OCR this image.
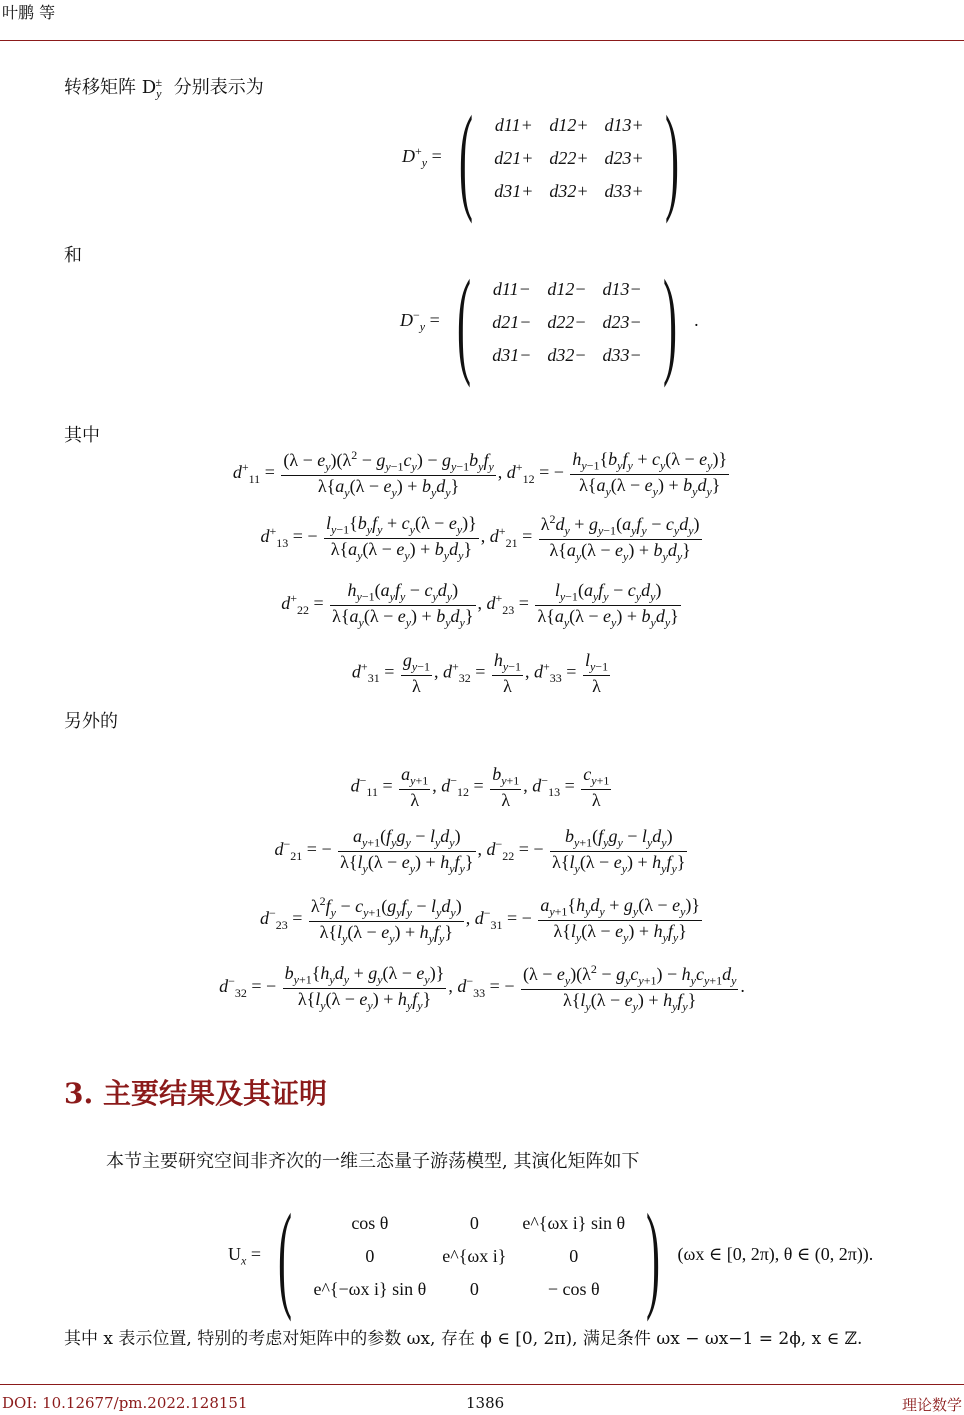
叶鹏 等
转移矩阵 $D_y^\pm$ 分别表示为
$D^+_y$ = ( d11+	d12+	d13+
d21+	d22+	d23+
d31+	d32+	d33+ )
和
$D^-_y$ = ( d11−	d12−	d13−
d21−	d22−	d23−
d31−	d32−	d33− ) .
其中
$d^+_{11} = \frac{(\lambda - e_y)(\lambda^2 - g_{y-1}c_y) - g_{y-1}b_yf_y}{\lambda\{a_y(\lambda - e_y) + b_yd_y\}}$ , $d^+_{12}$ = − $\frac{h_{y-1}\{b_yf_y + c_y(\lambda - e_y)\}}{\lambda\{a_y(\lambda - e_y) + b_yd_y\}}$
$d^+_{13}$ = − $\frac{l_{y-1}\{b_yf_y + c_y(\lambda - e_y)\}}{\lambda\{a_y(\lambda - e_y) + b_yd_y\}}$ , $d^+_{21} = \frac{\lambda^2d_y + g_{y-1}(a_yf_y - c_yd_y)}{\lambda\{a_y(\lambda - e_y) + b_yd_y\}}$
$d^+_{22} = \frac{h_{y-1}(a_yf_y - c_yd_y)}{\lambda\{a_y(\lambda - e_y) + b_yd_y\}}$ , $d^+_{23} = \frac{l_{y-1}(a_yf_y - c_yd_y)}{\lambda\{a_y(\lambda - e_y) + b_yd_y\}}$
$d^+_{31} = \frac{g_{y-1}}{\lambda}$ , $d^+_{32} = \frac{h_{y-1}}{\lambda}$ , $d^+_{33} = \frac{l_{y-1}}{\lambda}$
另外的
$d^-_{11} = \frac{a_{y+1}}{\lambda}$ , $d^-_{12} = \frac{b_{y+1}}{\lambda}$ , $d^-_{13} = \frac{c_{y+1}}{\lambda}$
$d^-_{21}$ = − $\frac{a_{y+1}(f_yg_y - l_yd_y)}{\lambda\{l_y(\lambda - e_y) + h_yf_y\}}$ , $d^-_{22}$ = − $\frac{b_{y+1}(f_yg_y - l_yd_y)}{\lambda\{l_y(\lambda - e_y) + h_yf_y\}}$
$d^-_{23} = \frac{\lambda^2f_y - c_{y+1}(g_yf_y - l_yd_y)}{\lambda\{l_y(\lambda - e_y) + h_yf_y\}}$ , $d^-_{31}$ = − $\frac{a_{y+1}\{h_yd_y + g_y(\lambda - e_y)\}}{\lambda\{l_y(\lambda - e_y) + h_yf_y\}}$
$d^-_{32}$ = − $\frac{b_{y+1}\{h_yd_y + g_y(\lambda - e_y)\}}{\lambda\{l_y(\lambda - e_y) + h_yf_y\}}$ , $d^-_{33}$ = − $\frac{(\lambda - e_y)(\lambda^2 - g_yc_{y+1}) - h_yc_{y+1}d_y}{\lambda\{l_y(\lambda - e_y) + h_yf_y\}}$ .
3. 主要结果及其证明
本节主要研究空间非齐次的一维三态量子游荡模型, 其演化矩阵如下
$U_x$ = (	cos θ	0	e^{ωx i} sin θ
0	e^{ωx i}	0
e^{−ωx i} sin θ	0	− cos θ ) (ωx ∈ [0, 2π), θ ∈ (0, 2π)).
其中 x 表示位置, 特别的考虑对矩阵中的参数 ωx, 存在 ϕ ∈ [0, 2π), 满足条件 ωx − ωx−1 = 2ϕ, x ∈ ℤ.
DOI: 10.12677/pm.2022.128151	1386	理论数学
